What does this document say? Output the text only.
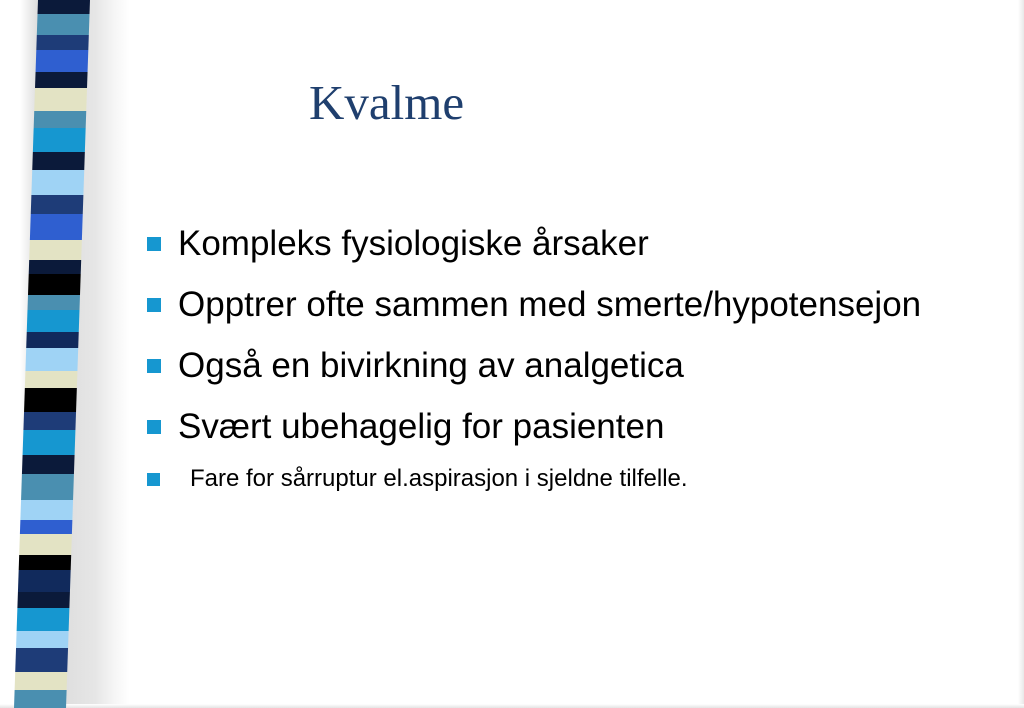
Kvalme
Kompleks fysiologiske årsaker
Opptrer ofte sammen med smerte/hypotensejon
Også en bivirkning av analgetica
Svært ubehagelig for pasienten
Fare for sårruptur el.aspirasjon i sjeldne tilfelle.
